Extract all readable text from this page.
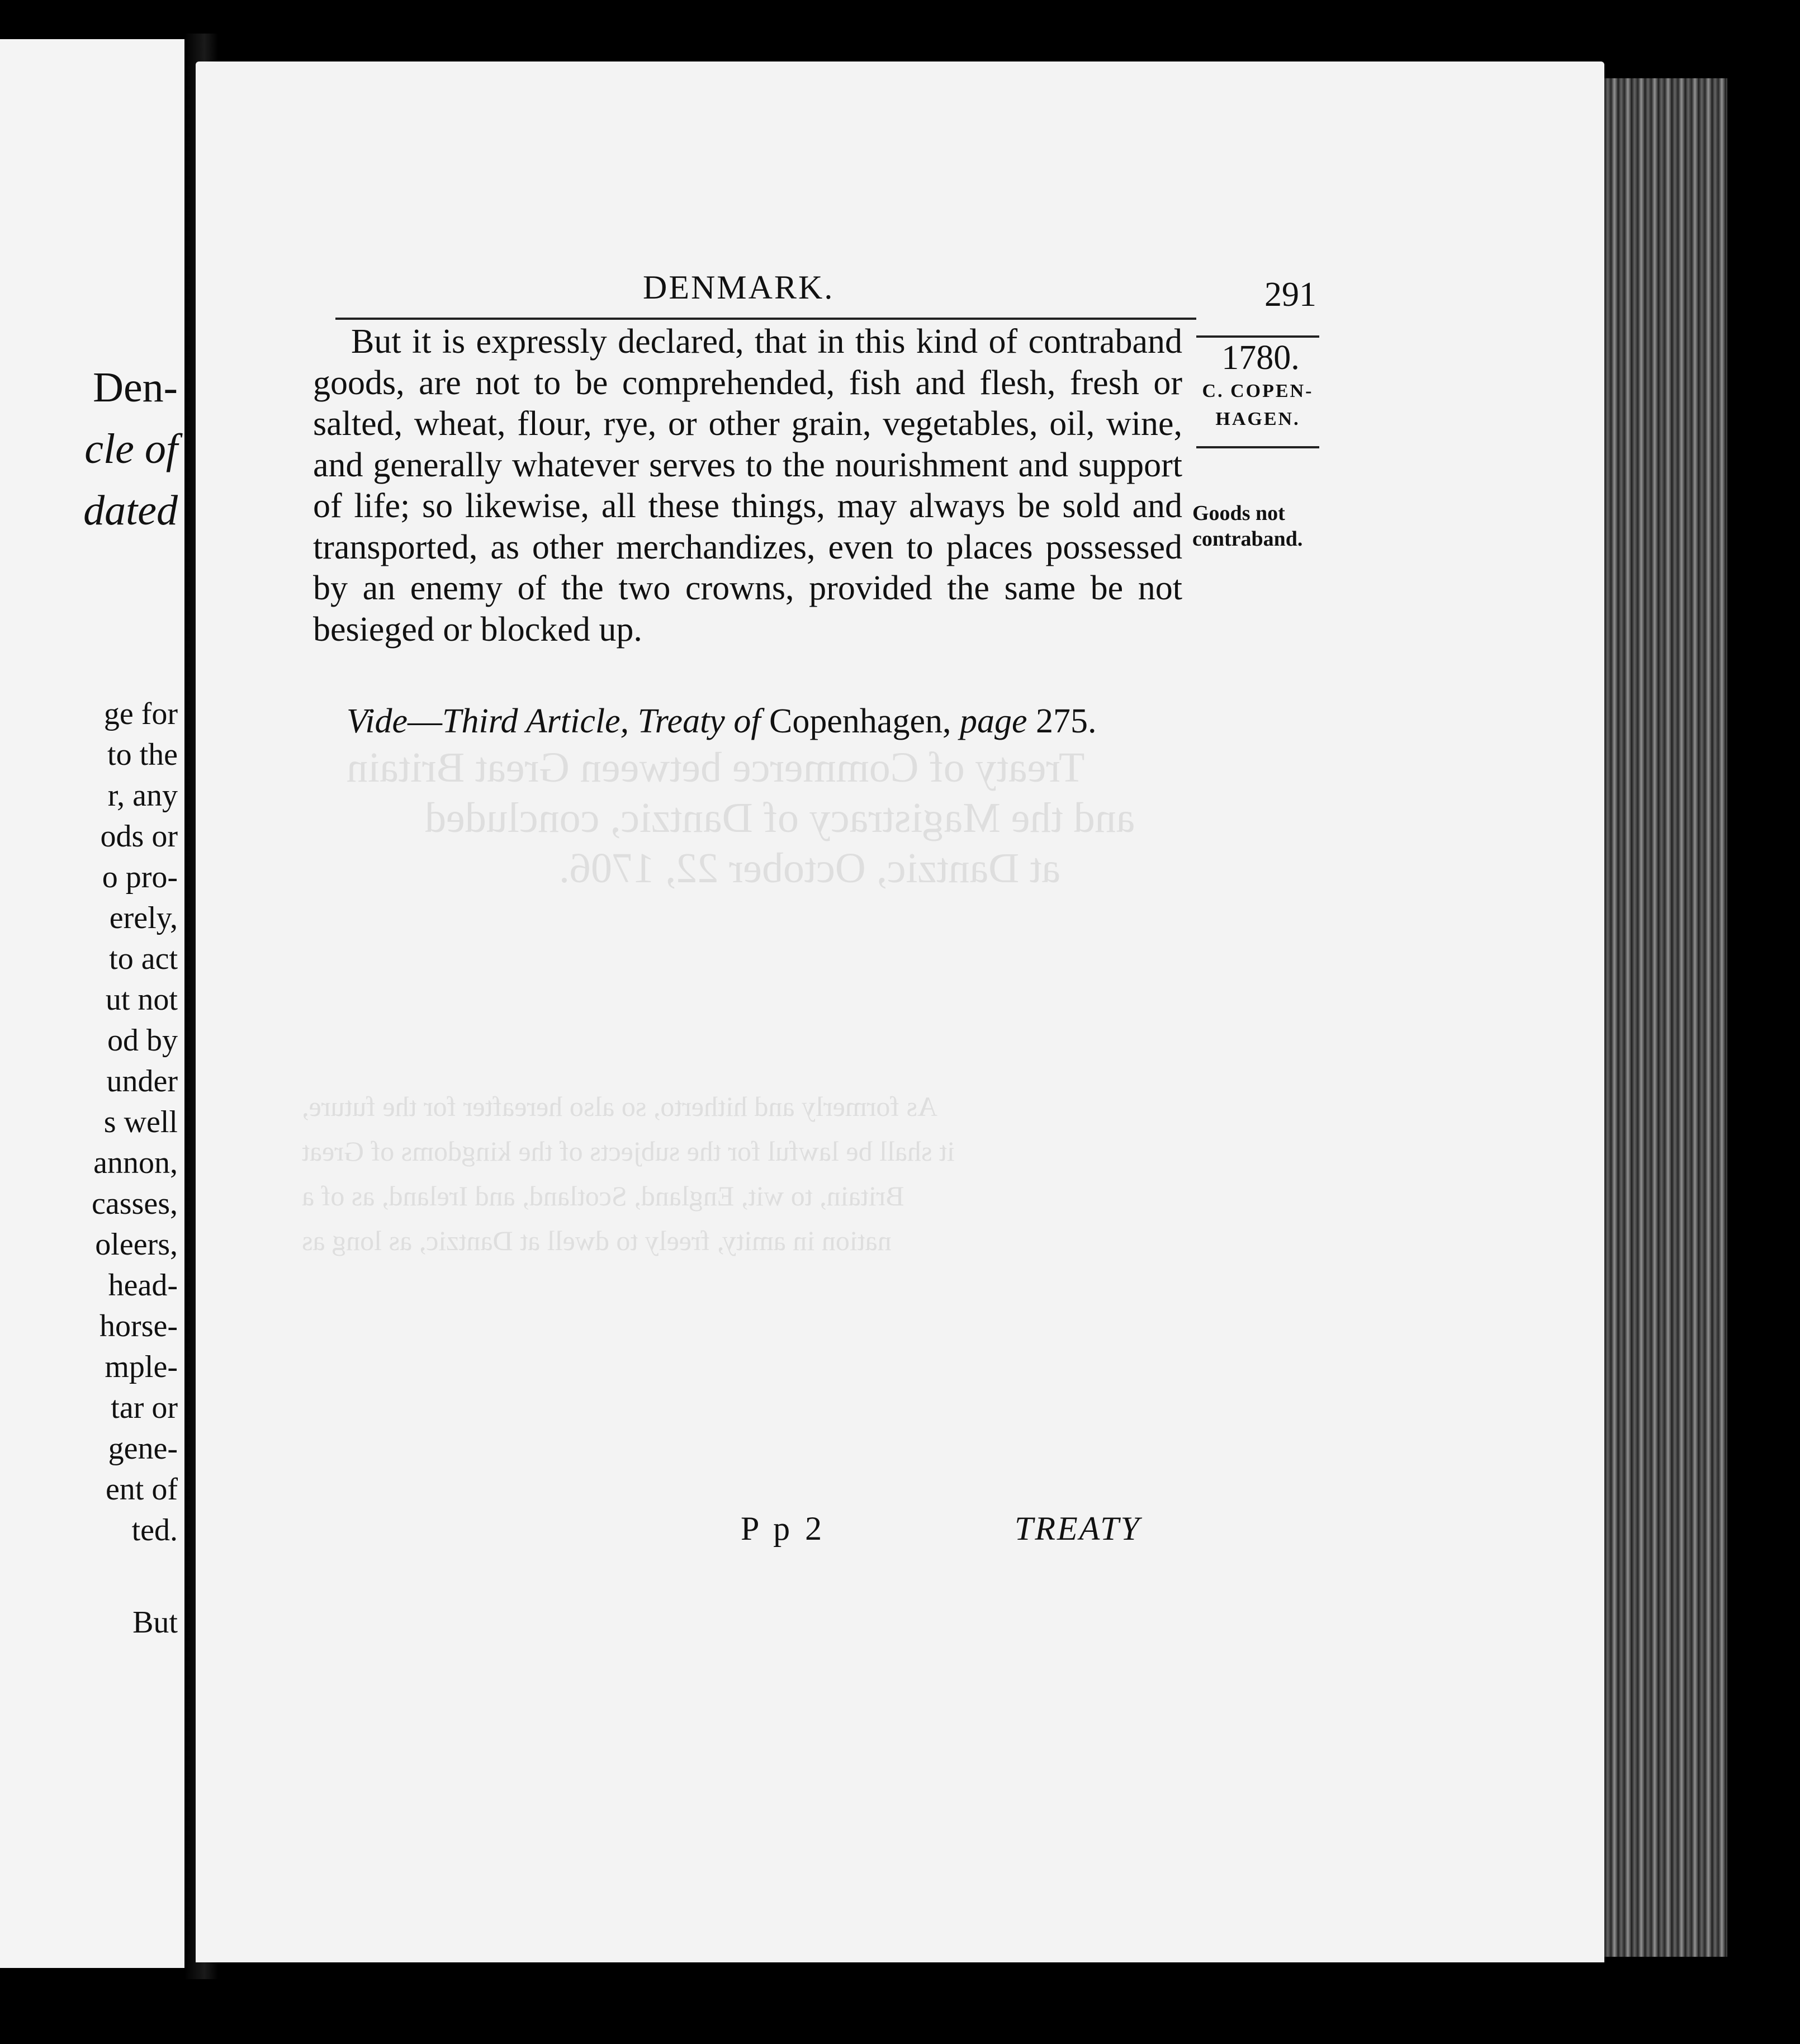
Den-
cle of
dated
ge for
to the
r, any
ods or
o pro-
erely,
to act
ut not
od by
under
s well
annon,
casses,
oleers,
head-
horse-
mple-
tar or
gene-
ent of
ted.
But
Treaty of Commerce between Great Britain
and the Magistracy of Dantzic, concluded
at Dantzic, October 22, 1706.
As formerly and hitherto, so also hereafter for the future,
it shall be lawful for the subjects of the kingdoms of Great
Britain, to wit, England, Scotland, and Ireland, as of a
nation in amity, freely to dwell at Dantzic, as long as
DENMARK.	291
1780.
C. COPEN-
HAGEN.
Goods not
contraband.
But it is expressly declared, that in this kind of contraband goods, are not to be comprehended, fish and flesh, fresh or salted, wheat, flour, rye, or other grain, vegetables, oil, wine, and generally whatever serves to the nourishment and support of life; so likewise, all these things, may always be sold and transported, as other merchandizes, even to places possessed by an enemy of the two crowns, provided the same be not besieged or blocked up.
Vide—Third Article, Treaty of Copenhagen, page 275.
P p 2	TREATY
